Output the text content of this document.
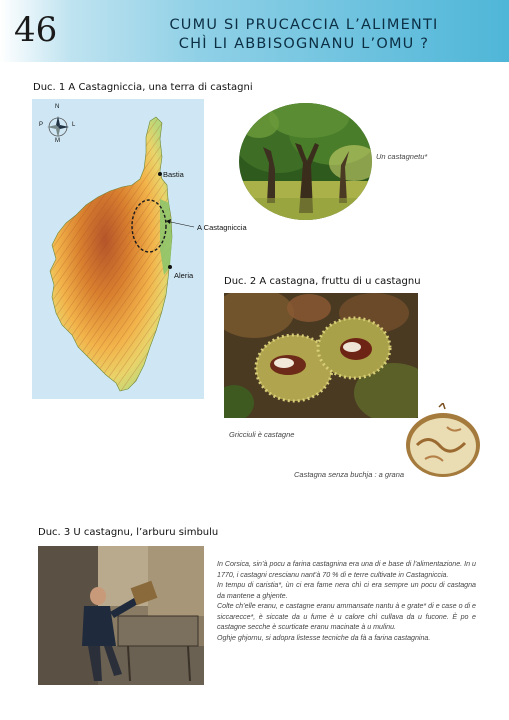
46	CUMU SI PRUCACCIA L’ALIMENTI
CHÌ LI ABBISOGNANU L’OMU ?
Duc. 1 A Castagniccia, una terra di castagni
N
M
P	L
Bastia
A Castagniccia
Aleria
Un castagnetu*
Duc. 2 A castagna, fruttu di u castagnu
Gricciuli è castagne
Castagna senza buchja : a grana
Duc. 3 U castagnu, l’arburu simbulu

In Corsica, sin’à pocu a farina castagnina era una di e base di l’alimentazione. In u 1770, i castagni crescianu nant’à 70 % di e terre cultivate in Castagniccia.

In tempu di caristia*, ùn ci era fame nera chì ci era sempre un pocu di castagna da mantene a ghjente.

Colte ch’elle eranu, e castagne eranu ammansate nantu à e grate* di e case o di e siccarecce*, è siccate da u fume è u calore chì cullava da u fucone. È po e castagne secche è scurticate eranu macinate à u mulinu.

Oghje ghjornu, si adopra listesse tecniche da fà a farina castagnina.
